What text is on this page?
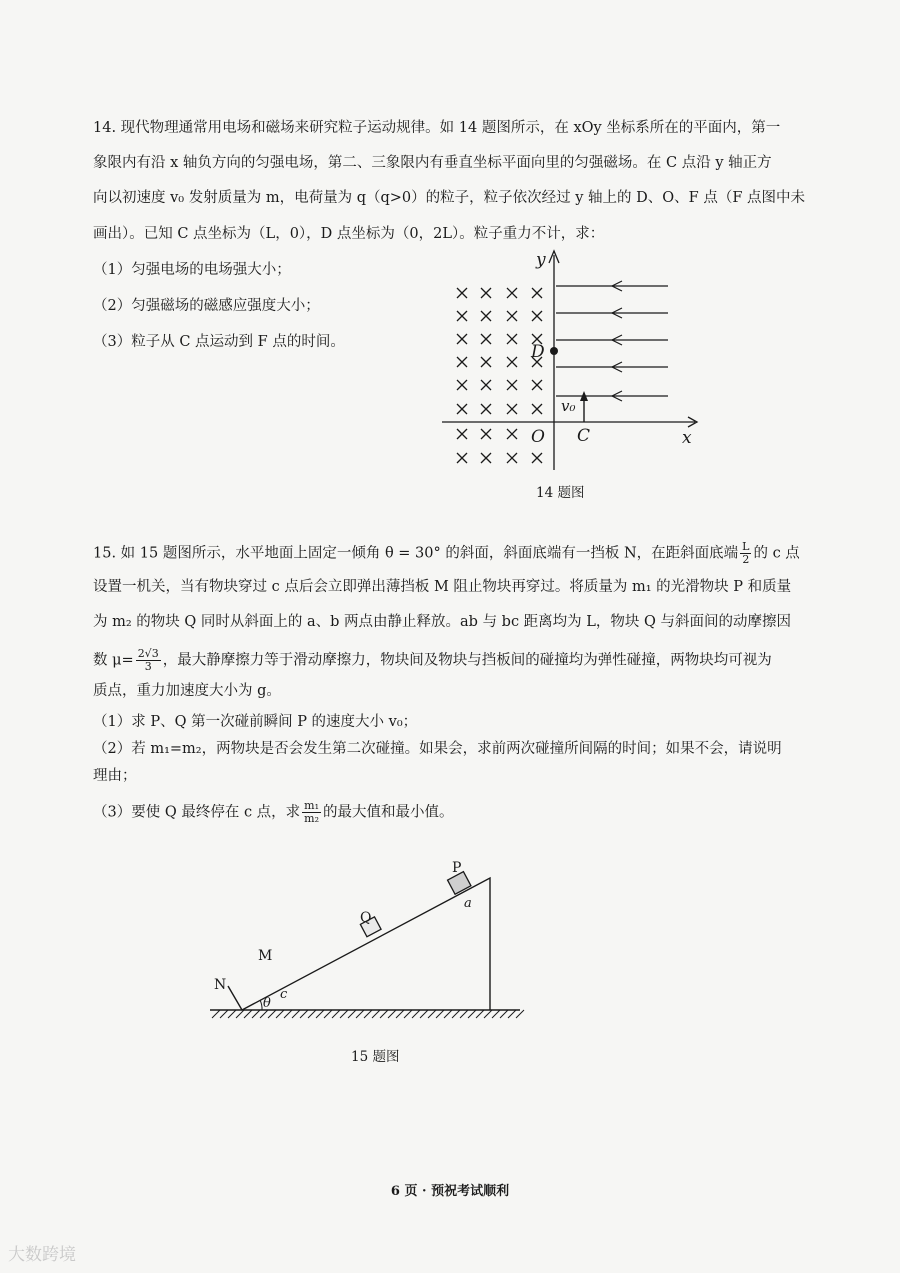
14. 现代物理通常用电场和磁场来研究粒子运动规律。如 14 题图所示，在 xOy 坐标系所在的平面内，第一
象限内有沿 x 轴负方向的匀强电场，第二、三象限内有垂直坐标平面向里的匀强磁场。在 C 点沿 y 轴正方
向以初速度 v₀ 发射质量为 m，电荷量为 q（q>0）的粒子，粒子依次经过 y 轴上的 D、O、F 点（F 点图中未
画出）。已知 C 点坐标为（L，0），D 点坐标为（0，2L）。粒子重力不计，求：
（1）匀强电场的电场强大小；
（2）匀强磁场的磁感应强度大小；
（3）粒子从 C 点运动到 F 点的时间。	D
v₀
C
O	x
y
14 题图
15. 如 15 题图所示，水平地面上固定一倾角 θ = 30° 的斜面，斜面底端有一挡板 N，在距斜面底端 $\frac{L}{2}$ 的 c 点
设置一机关，当有物块穿过 c 点后会立即弹出薄挡板 M 阻止物块再穿过。将质量为 m₁ 的光滑物块 P 和质量
为 m₂ 的物块 Q 同时从斜面上的 a、b 两点由静止释放。ab 与 bc 距离均为 L，物块 Q 与斜面间的动摩擦因
数 $\mu= \frac{2√3}{3}$ ，最大静摩擦力等于滑动摩擦力，物块间及物块与挡板间的碰撞均为弹性碰撞，两物块均可视为
质点，重力加速度大小为 g。
（1）求 P、Q 第一次碰前瞬间 P 的速度大小 v₀；
（2）若 m₁=m₂，两物块是否会发生第二次碰撞。如果会，求前两次碰撞所间隔的时间；如果不会，请说明
理由；
（3）要使 Q 最终停在 c 点，求 $\frac{\text{m₁}}{\text{m₂}}$ 的最大值和最小值。
N
θ
c
M
Q
P
a
15 题图
6 页 · 预祝考试顺利
大数跨境
